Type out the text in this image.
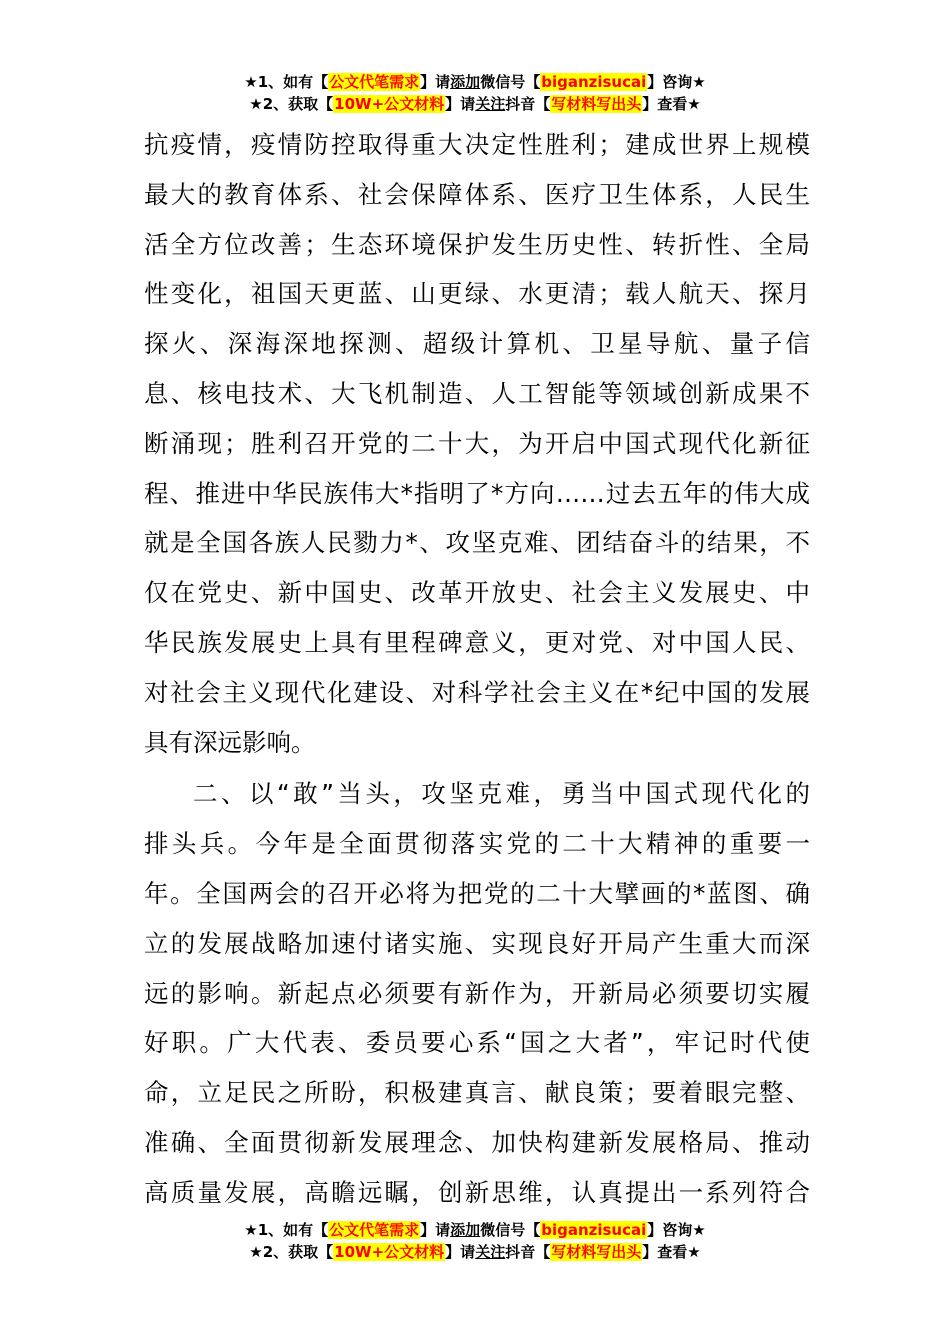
★1、如有【公文代笔需求】请添加微信号【biganzisucai】咨询★
★2、获取【10W+公文材料】请关注抖音【写材料写出头】查看★
抗疫情，疫情防控取得重大决定性胜利；建成世界上规模
最大的教育体系、社会保障体系、医疗卫生体系，人民生
活全方位改善；生态环境保护发生历史性、转折性、全局
性变化，祖国天更蓝、山更绿、水更清；载人航天、探月
探火、深海深地探测、超级计算机、卫星导航、量子信
息、核电技术、大飞机制造、人工智能等领域创新成果不
断涌现；胜利召开党的二十大，为开启中国式现代化新征
程、推进中华民族伟大*指明了*方向……过去五年的伟大成
就是全国各族人民勠力*、攻坚克难、团结奋斗的结果，不
仅在党史、新中国史、改革开放史、社会主义发展史、中
华民族发展史上具有里程碑意义，更对党、对中国人民、
对社会主义现代化建设、对科学社会主义在*纪中国的发展
具有深远影响。
二、以“敢”当头，攻坚克难，勇当中国式现代化的
排头兵。今年是全面贯彻落实党的二十大精神的重要一
年。全国两会的召开必将为把党的二十大擘画的*蓝图、确
立的发展战略加速付诸实施、实现良好开局产生重大而深
远的影响。新起点必须要有新作为，开新局必须要切实履
好职。广大代表、委员要心系“国之大者”，牢记时代使
命，立足民之所盼，积极建真言、献良策；要着眼完整、
准确、全面贯彻新发展理念、加快构建新发展格局、推动
高质量发展，高瞻远瞩，创新思维，认真提出一系列符合
★1、如有【公文代笔需求】请添加微信号【biganzisucai】咨询★
★2、获取【10W+公文材料】请关注抖音【写材料写出头】查看★
